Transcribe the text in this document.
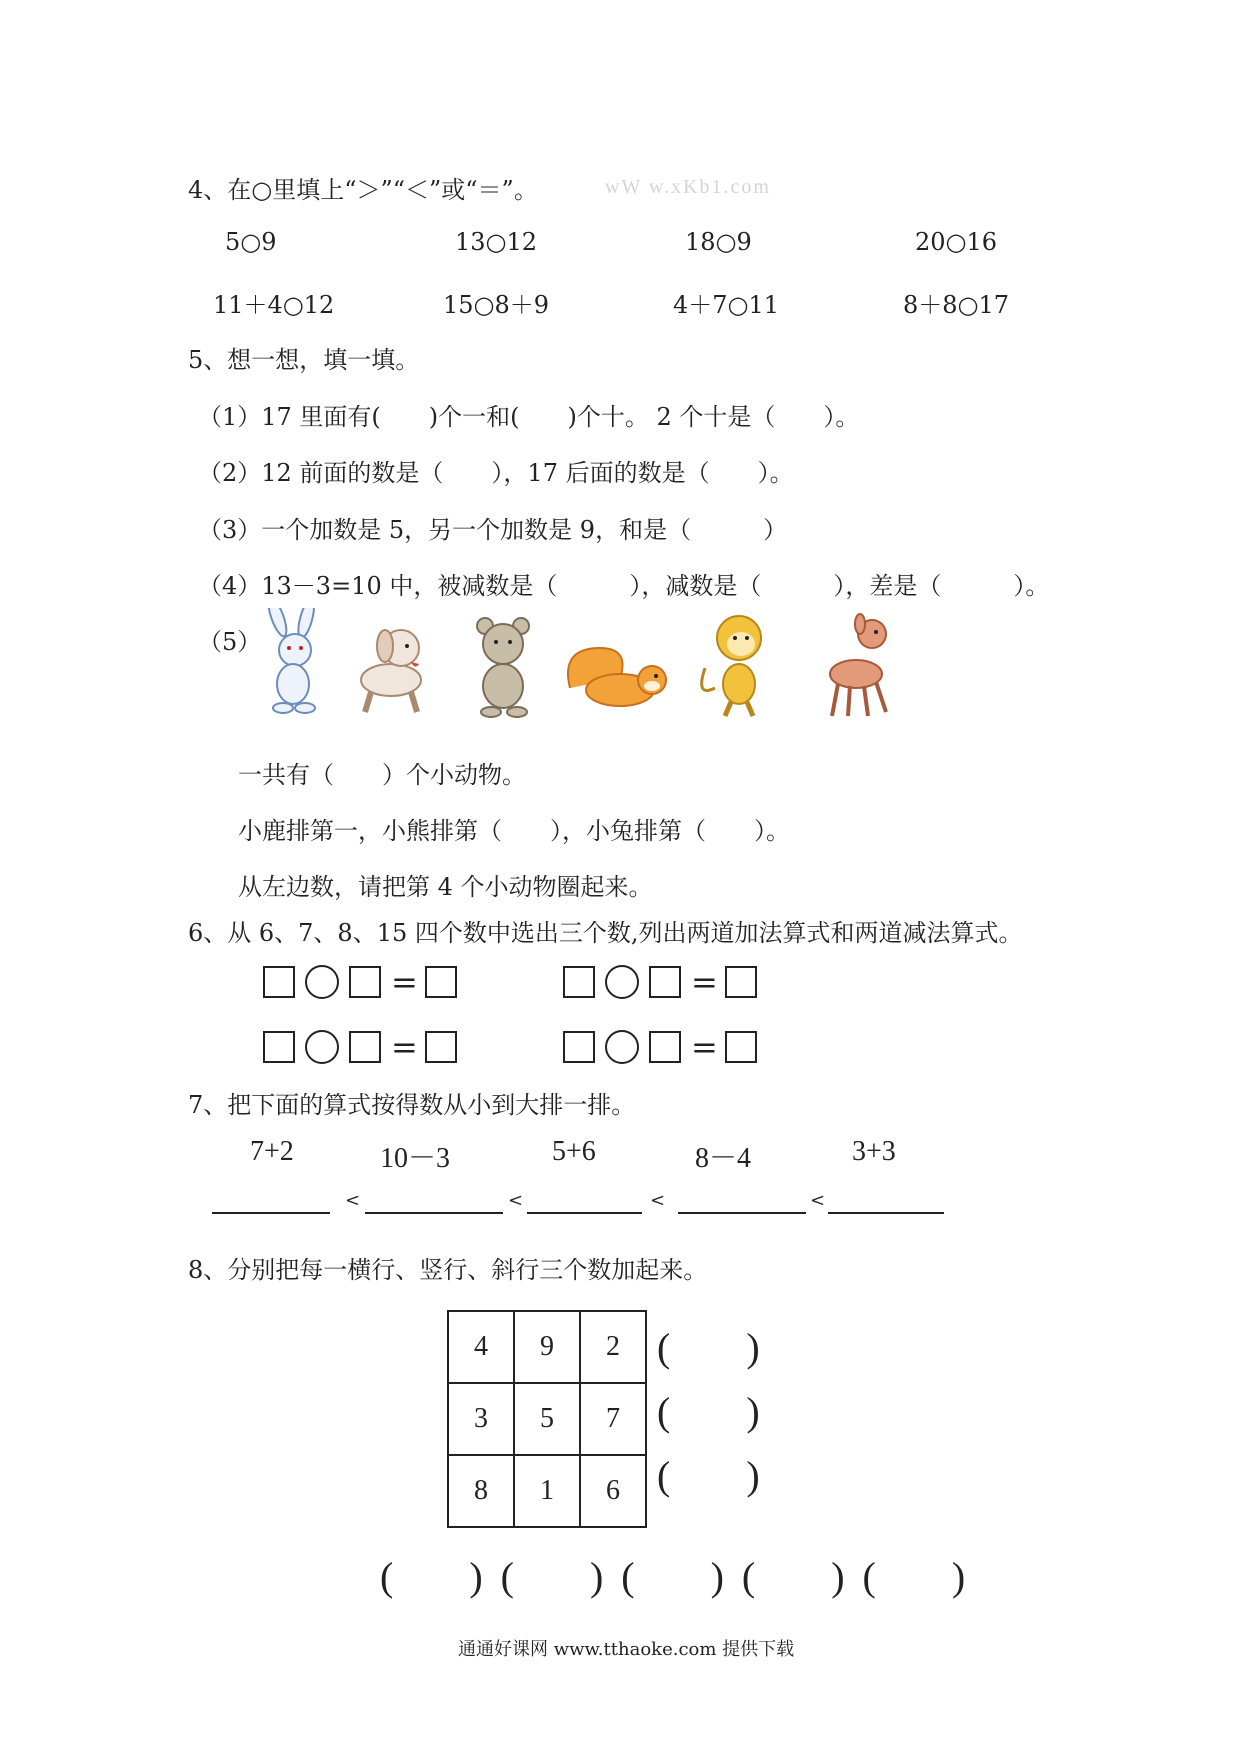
4、在○里填上“＞”“＜”或“＝”。	wW w.xKb1.com
5○9	13○12	18○9	20○16
11＋4○12	15○8＋9	4＋7○11	8＋8○17
5、想一想，填一填。
（1）17 里面有(　　)个一和(　　)个十。 2 个十是（　　）。
（2）12 前面的数是（　　），17 后面的数是（　　）。
（3）一个加数是 5，另一个加数是 9，和是（　　　）
（4）13－3=10 中，被减数是（　　　），减数是（　　　），差是（　　　）。
（5）
一共有（　　）个小动物。
小鹿排第一，小熊排第（　　），小兔排第（　　）。
从左边数，请把第 4 个小动物圈起来。
6、从 6、7、8、15 四个数中选出三个数,列出两道加法算式和两道减法算式。
=	=
=	=
7、把下面的算式按得数从小到大排一排。
7+2	10－3	5+6	8－4	3+3
<	<	<	<
8、分别把每一横行、竖行、斜行三个数加起来。
4	9	2
3	5	7
8	1	6
(　)
(　)
(　)
(　)(　)(　)(　)(　)
通通好课网 www.tthaoke.com 提供下载
